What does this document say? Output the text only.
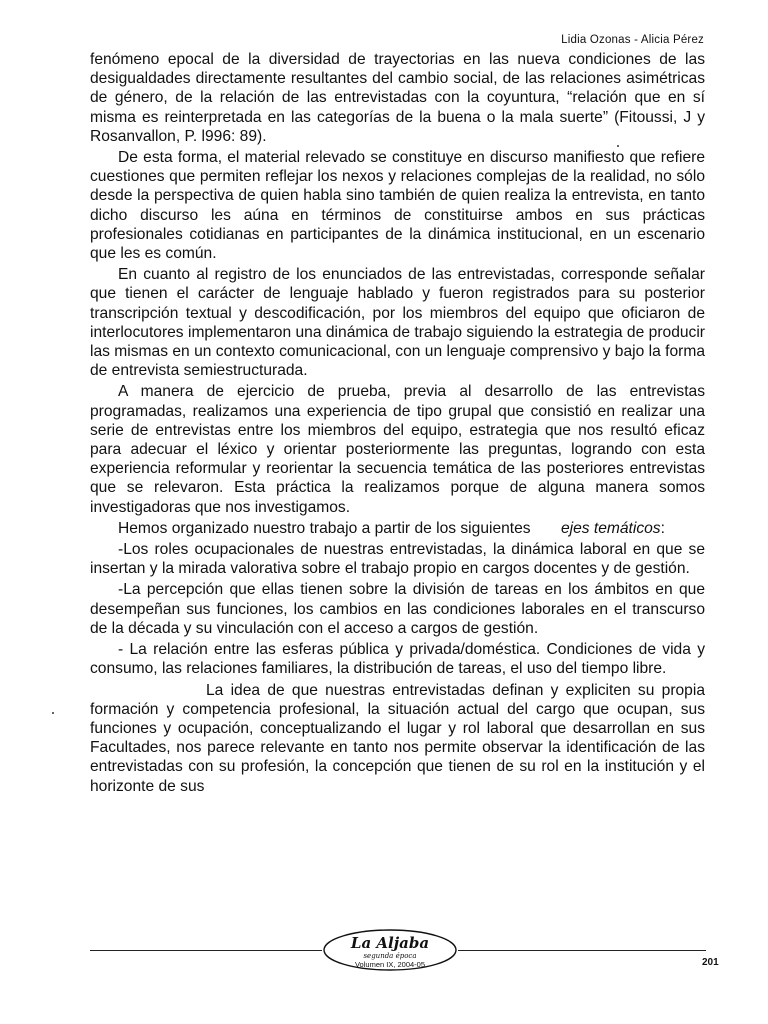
Lidia Ozonas - Alicia Pérez

fenómeno epocal de la diversidad de trayectorias en las nueva condiciones de las desigualdades directamente resultantes del cambio social, de las relaciones asimétricas de género, de la relación de las entrevistadas con la coyuntura, “relación que en sí misma es reinterpretada en las categorías de la buena o la mala suerte” (Fitoussi, J y Rosanvallon, P. l996: 89).

De esta forma, el material relevado se constituye en discurso manifiesto que refiere cuestiones que permiten reflejar los nexos y relaciones complejas de la realidad, no sólo desde la perspectiva de quien habla sino también de quien realiza la entrevista, en tanto dicho discurso les aúna en términos de constituirse ambos en sus prácticas profesionales cotidianas en participantes de la dinámica institucional, en un escenario que les es común.

En cuanto al registro de los enunciados de las entrevistadas, corresponde señalar que tienen el carácter de lenguaje hablado y fueron registrados para su posterior transcripción textual y descodificación, por los miembros del equipo que oficiaron de interlocutores implementaron una dinámica de trabajo siguiendo la estrategia de producir las mismas en un contexto comunicacional, con un lenguaje comprensivo y bajo la forma de entrevista semiestructurada.

A manera de ejercicio de prueba, previa al desarrollo de las entrevistas programadas, realizamos una experiencia de tipo grupal que consistió en realizar una serie de entrevistas entre los miembros del equipo, estrategia que nos resultó eficaz para adecuar el léxico y orientar posteriormente las preguntas, logrando con esta experiencia reformular y reorientar la secuencia temática de las posteriores entrevistas que se relevaron. Esta práctica la realizamos porque de alguna manera somos investigadoras que nos investigamos.

Hemos organizado nuestro trabajo a partir de los siguientes ejes temáticos:

-Los roles ocupacionales de nuestras entrevistadas, la dinámica laboral en que se insertan y la mirada valorativa sobre el trabajo propio en cargos docentes y de gestión.

-La percepción que ellas tienen sobre la división de tareas en los ámbitos en que desempeñan sus funciones, los cambios en las condiciones laborales en el transcurso de la década y su vinculación con el acceso a cargos de gestión.

- La relación entre las esferas pública y privada/doméstica. Condiciones de vida y consumo, las relaciones familiares, la distribución de tareas, el uso del tiempo libre.

La idea de que nuestras entrevistadas definan y expliciten su propia formación y competencia profesional, la situación actual del cargo que ocupan, sus funciones y ocupación, conceptualizando el lugar y rol laboral que desarrollan en sus Facultades, nos parece relevante en tanto nos permite observar la identificación de las entrevistadas con su profesión, la concepción que tienen de su rol en la institución y el horizonte de sus

La Aljaba
segunda época
Volumen IX, 2004-05	201
